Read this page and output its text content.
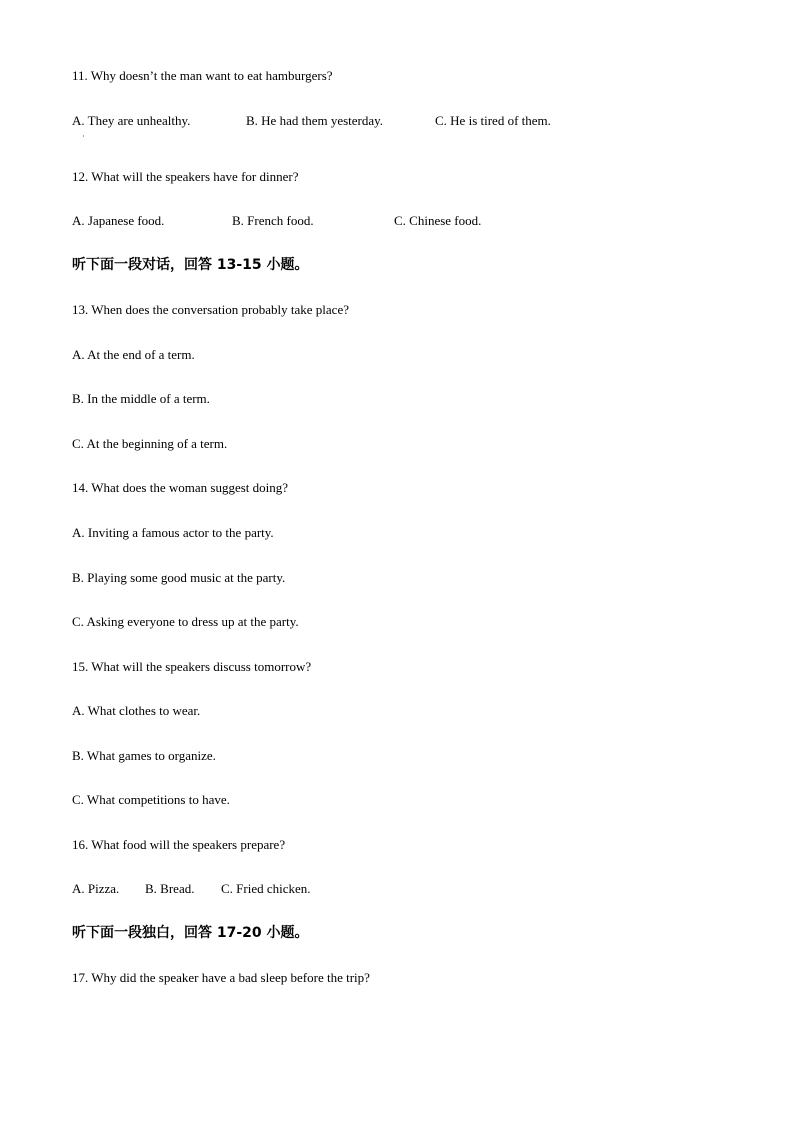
11. Why doesn’t the man want to eat hamburgers?
A. They are unhealthy.	B. He had them yesterday.	C. He is tired of them.
·
12. What will the speakers have for dinner?
A. Japanese food.	B. French food.	C. Chinese food.
听下面一段对话，回答 13-15 小题。
13. When does the conversation probably take place?
A. At the end of a term.
B. In the middle of a term.
C. At the beginning of a term.
14. What does the woman suggest doing?
A. Inviting a famous actor to the party.
B. Playing some good music at the party.
C. Asking everyone to dress up at the party.
15. What will the speakers discuss tomorrow?
A. What clothes to wear.
B. What games to organize.
C. What competitions to have.
16. What food will the speakers prepare?
A. Pizza. B. Bread. C. Fried chicken.
听下面一段独白，回答 17-20 小题。
17. Why did the speaker have a bad sleep before the trip?
